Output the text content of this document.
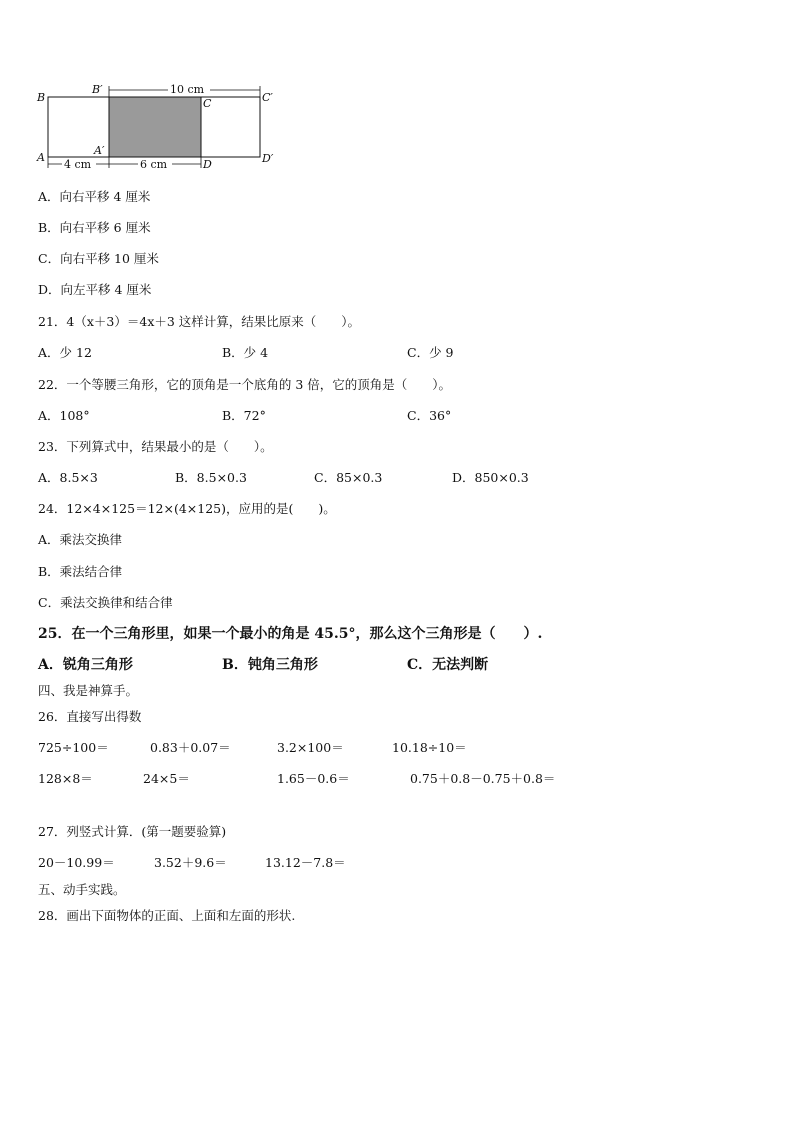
10 cm
4 cm	6 cm
B
B′
C	C′
A
A′
D	D′
A．向右平移 4 厘米
B．向右平移 6 厘米
C．向右平移 10 厘米
D．向左平移 4 厘米
21．4（x＋3）＝4x＋3 这样计算，结果比原来（　　）。
A．少 12	B．少 4	C．少 9
22．一个等腰三角形，它的顶角是一个底角的 3 倍，它的顶角是（　　）。
A．108°	B．72°	C．36°
23．下列算式中，结果最小的是（　　）。
A．8.5×3	B．8.5×0.3	C．85×0.3	D．850×0.3
24．12×4×125＝12×(4×125)，应用的是(　　)。
A．乘法交换律
B．乘法结合律
C．乘法交换律和结合律
25．在一个三角形里，如果一个最小的角是 45.5°，那么这个三角形是（　　）.
A．锐角三角形	B．钝角三角形	C．无法判断
四、我是神算手。
26．直接写出得数
725÷100＝	0.83＋0.07＝	3.2×100＝	10.18÷10＝
128×8＝	24×5＝	1.65－0.6＝	0.75＋0.8－0.75＋0.8＝
27．列竖式计算．(第一题要验算)
20－10.99＝	3.52＋9.6＝	13.12－7.8＝
五、动手实践。
28．画出下面物体的正面、上面和左面的形状.
